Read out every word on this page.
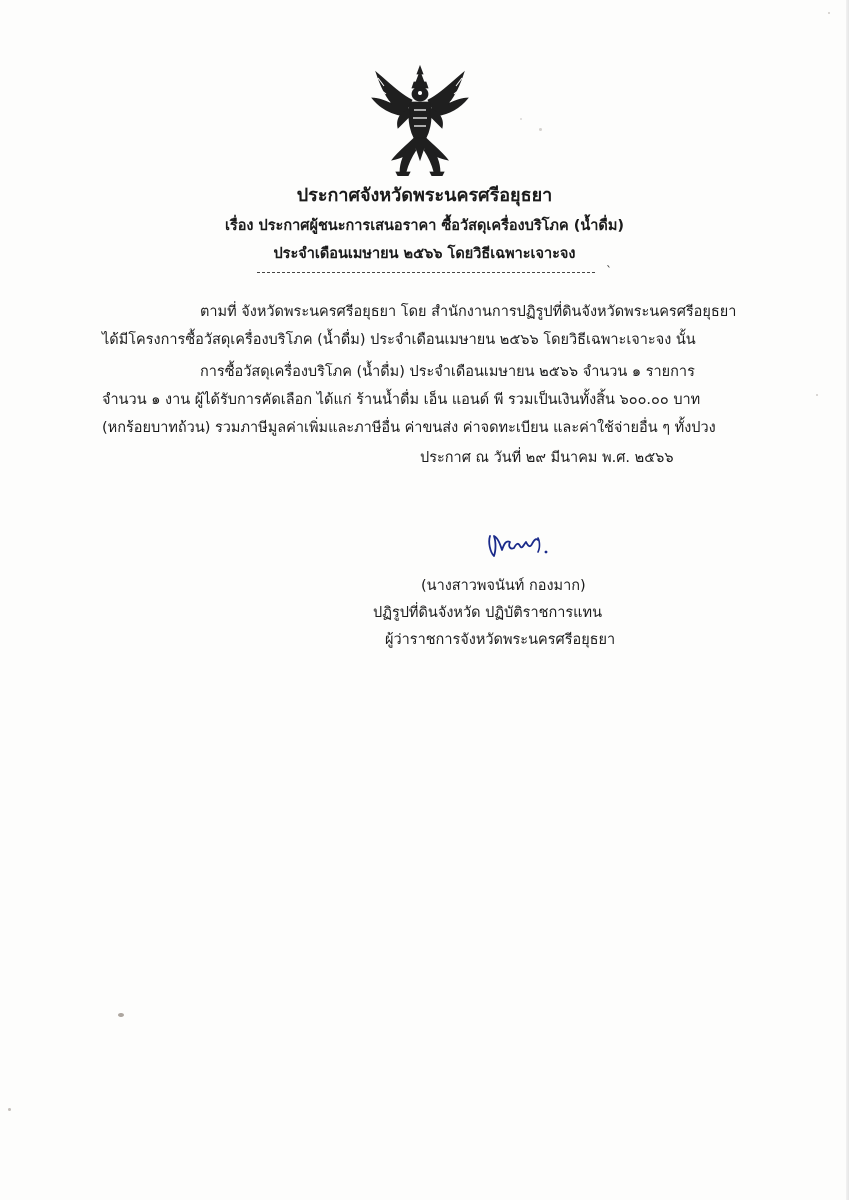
ประกาศจังหวัดพระนครศรีอยุธยา
เรื่อง ประกาศผู้ชนะการเสนอราคา ซื้อวัสดุเครื่องบริโภค (น้ำดื่ม)
ประจำเดือนเมษายน ๒๕๖๖ โดยวิธีเฉพาะเจาะจง
`
ตามที่ จังหวัดพระนครศรีอยุธยา โดย สำนักงานการปฏิรูปที่ดินจังหวัดพระนครศรีอยุธยา
ได้มีโครงการซื้อวัสดุเครื่องบริโภค (น้ำดื่ม) ประจำเดือนเมษายน ๒๕๖๖ โดยวิธีเฉพาะเจาะจง นั้น
การซื้อวัสดุเครื่องบริโภค (น้ำดื่ม) ประจำเดือนเมษายน ๒๕๖๖ จำนวน ๑ รายการ
จำนวน ๑ งาน ผู้ได้รับการคัดเลือก ได้แก่ ร้านน้ำดื่ม เอ็น แอนด์ พี รวมเป็นเงินทั้งสิ้น ๖๐๐.๐๐ บาท
(หกร้อยบาทถ้วน) รวมภาษีมูลค่าเพิ่มและภาษีอื่น ค่าขนส่ง ค่าจดทะเบียน และค่าใช้จ่ายอื่น ๆ ทั้งปวง
ประกาศ ณ วันที่ ๒๙ มีนาคม พ.ศ. ๒๕๖๖
(นางสาวพจนันท์ กองมาก)
ปฏิรูปที่ดินจังหวัด ปฏิบัติราชการแทน
ผู้ว่าราชการจังหวัดพระนครศรีอยุธยา
